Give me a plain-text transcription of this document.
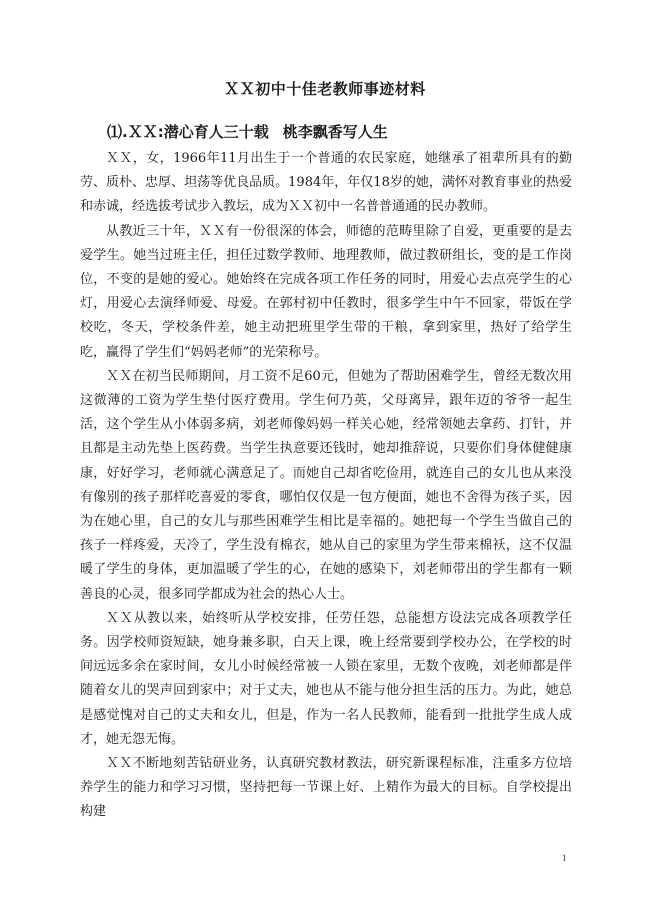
ＸＸ初中十佳老教师事迹材料
⑴.ＸＸ:潜心育人三十载 桃李飘香写人生

ＸＸ，女，1966年11月出生于一个普通的农民家庭，她继承了祖辈所具有的勤劳、质朴、忠厚、坦荡等优良品质。1984年，年仅18岁的她，满怀对教育事业的热爱和赤诚，经选拔考试步入教坛，成为ＸＸ初中一名普普通通的民办教师。

从教近三十年，ＸＸ有一份很深的体会，师德的范畴里除了自爱，更重要的是去爱学生。她当过班主任，担任过数学教师、地理教师，做过教研组长，变的是工作岗位，不变的是她的爱心。她始终在完成各项工作任务的同时，用爱心去点亮学生的心灯，用爱心去演绎师爱、母爱。在郭村初中任教时，很多学生中午不回家，带饭在学校吃，冬天，学校条件差，她主动把班里学生带的干粮，拿到家里，热好了给学生吃，赢得了学生们“妈妈老师”的光荣称号。

ＸＸ在初当民师期间，月工资不足60元，但她为了帮助困难学生，曾经无数次用这微薄的工资为学生垫付医疗费用。学生何乃英，父母离异，跟年迈的爷爷一起生活，这个学生从小体弱多病，刘老师像妈妈一样关心她，经常领她去拿药、打针，并且都是主动先垫上医药费。当学生执意要还钱时，她却推辞说，只要你们身体健健康康，好好学习，老师就心满意足了。而她自己却省吃俭用，就连自己的女儿也从来没有像别的孩子那样吃喜爱的零食，哪怕仅仅是一包方便面，她也不舍得为孩子买，因为在她心里，自己的女儿与那些困难学生相比是幸福的。她把每一个学生当做自己的孩子一样疼爱，天冷了，学生没有棉衣，她从自己的家里为学生带来棉袄，这不仅温暖了学生的身体，更加温暖了学生的心，在她的感染下，刘老师带出的学生都有一颗善良的心灵，很多同学都成为社会的热心人士。

ＸＸ从教以来，始终听从学校安排，任劳任怨，总能想方设法完成各项教学任务。因学校师资短缺，她身兼多职，白天上课，晚上经常要到学校办公，在学校的时间远远多余在家时间，女儿小时候经常被一人锁在家里，无数个夜晚，刘老师都是伴随着女儿的哭声回到家中；对于丈夫，她也从不能与他分担生活的压力。为此，她总是感觉愧对自己的丈夫和女儿，但是，作为一名人民教师，能看到一批批学生成人成才，她无怨无悔。

ＸＸ不断地刻苦钻研业务，认真研究教材教法，研究新课程标准，注重多方位培养学生的能力和学习习惯，坚持把每一节课上好、上精作为最大的目标。自学校提出构建

1
